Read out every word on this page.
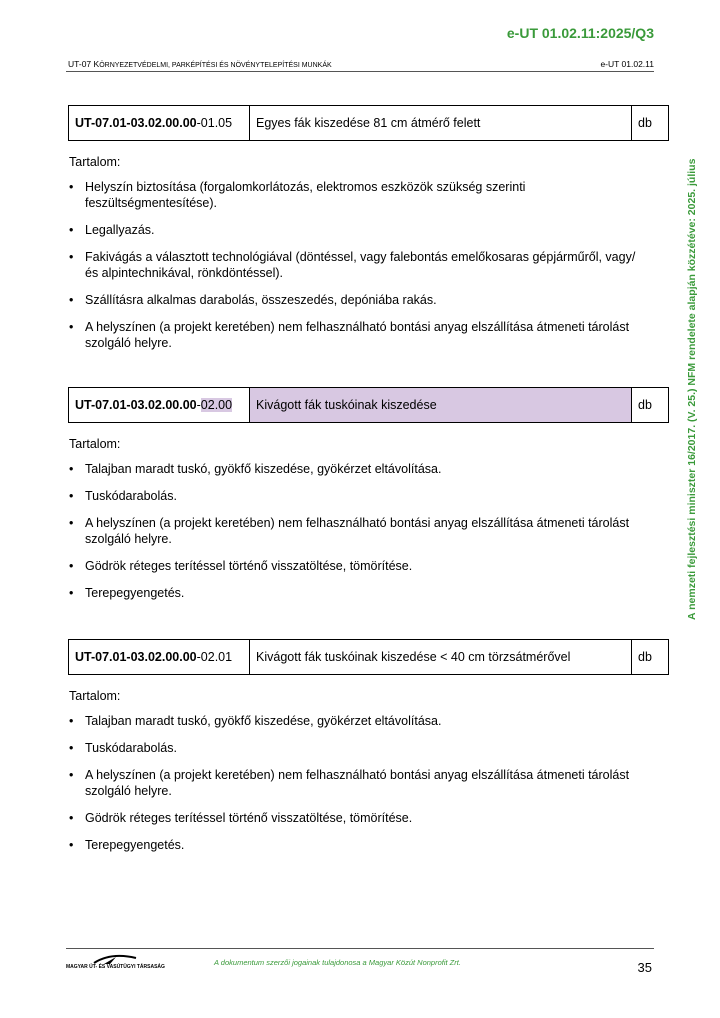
e-UT 01.02.11:2025/Q3
UT-07 KÖRNYEZETVÉDELMI, PARKÉPÍTÉSI ÉS NÖVÉNYTELEPÍTÉSI MUNKÁK	e-UT 01.02.11
A nemzeti fejlesztési miniszter 16/2017. (V. 25.) NFM rendelete alapján közzétéve: 2025. július
UT-07.01-03.02.00.00-01.05	Egyes fák kiszedése 81 cm átmérő felett	db
Tartalom:
• Helyszín biztosítása (forgalomkorlátozás, elektromos eszközök szükség szerinti feszültségmentesítése).
• Legallyazás.
• Fakivágás a választott technológiával (döntéssel, vagy falebontás emelőkosaras gépjárműről, vagy/és alpintechnikával, rönkdöntéssel).
• Szállításra alkalmas darabolás, összeszedés, depóniába rakás.
• A helyszínen (a projekt keretében) nem felhasználható bontási anyag elszállítása átmeneti tárolást szolgáló helyre.
UT-07.01-03.02.00.00-02.00	Kivágott fák tuskóinak kiszedése	db
Tartalom:
• Talajban maradt tuskó, gyökfő kiszedése, gyökérzet eltávolítása.
• Tuskódarabolás.
• A helyszínen (a projekt keretében) nem felhasználható bontási anyag elszállítása átmeneti tárolást szolgáló helyre.
• Gödrök réteges terítéssel történő visszatöltése, tömörítése.
• Terepegyengetés.
UT-07.01-03.02.00.00-02.01	Kivágott fák tuskóinak kiszedése < 40 cm törzsátmérővel	db
Tartalom:
• Talajban maradt tuskó, gyökfő kiszedése, gyökérzet eltávolítása.
• Tuskódarabolás.
• A helyszínen (a projekt keretében) nem felhasználható bontási anyag elszállítása átmeneti tárolást szolgáló helyre.
• Gödrök réteges terítéssel történő visszatöltése, tömörítése.
• Terepegyengetés.
MAGYAR ÚT- ÉS VASÚTÜGYI TÁRSASÁG	A dokumentum szerzői jogainak tulajdonosa a Magyar Közút Nonprofit Zrt.	35
